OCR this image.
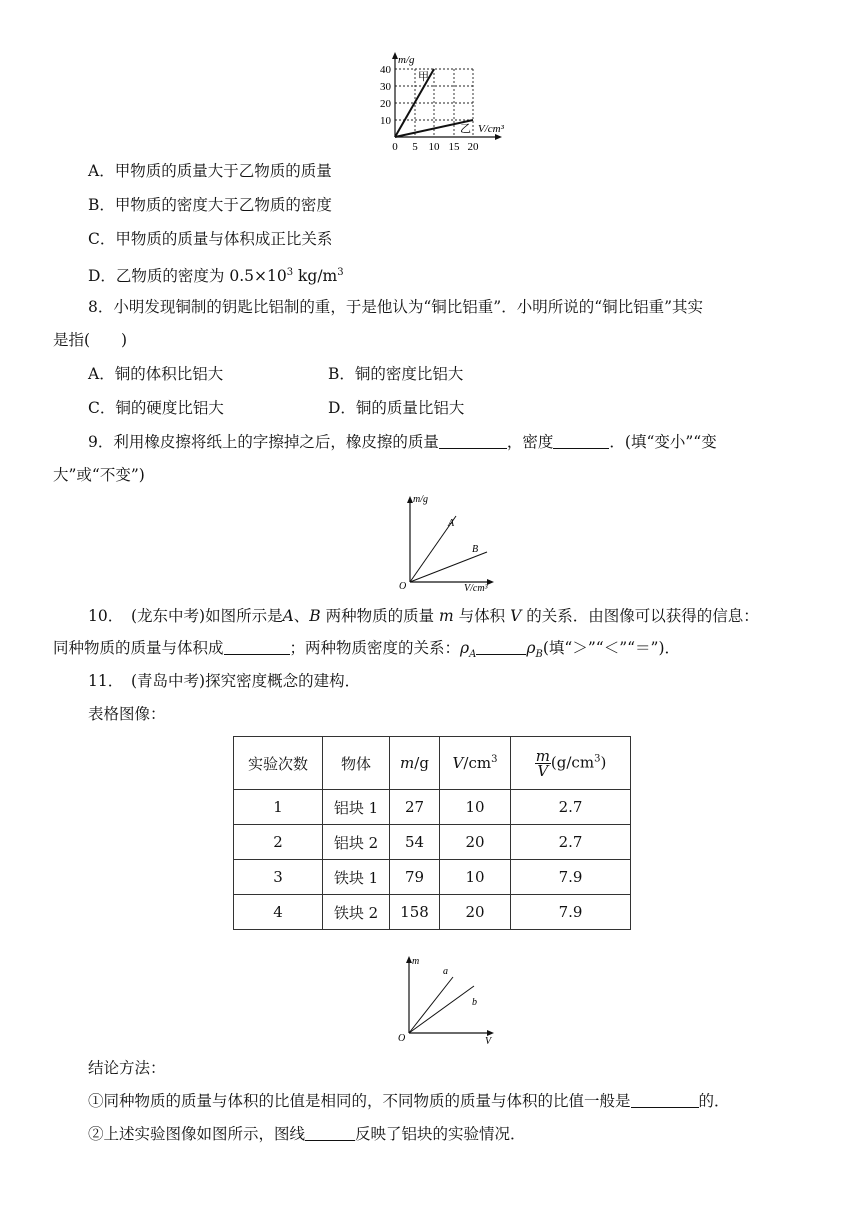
m/g
40
30
20
10
0 5 10 15 20
甲
乙 V/cm³
A．甲物质的质量大于乙物质的质量
B．甲物质的密度大于乙物质的密度
C．甲物质的质量与体积成正比关系
D．乙物质的密度为 $0.5\times 10^3$ $kg/m^3$
8．小明发现铜制的钥匙比铝制的重，于是他认为“铜比铝重”．小明所说的“铜比铝重”其实
是指(　　)
A．铜的体积比铝大	B．铜的密度比铝大
C．铜的硬度比铝大	D．铜的质量比铝大
9．利用橡皮擦将纸上的字擦掉之后，橡皮擦的质量	，密度	．(填“变小”“变
大”或“不变”)
m/g
A
B
O	V/cm³
10．　(龙东中考)如图所示是A、B 两种物质的质量 m 与体积 V 的关系．由图像可以获得的信息：
同种物质的质量与体积成	；两种物质密度的关系：$\rho_A$	$\rho_B$(填“＞”“＜”“＝”)．
11．　(青岛中考)探究密度概念的建构．
表格图像：
实验次数	物体	m/g	$V/cm^3$	$\frac{m}{V} (g/cm^3)$
1	铝块 1	27	10	2.7
2	铝块 2	54	20	2.7
3	铁块 1	79	10	7.9
4	铁块 2	158	20	7.9
m
a
b
O	V
结论方法：
①同种物质的质量与体积的比值是相同的，不同物质的质量与体积的比值一般是	的．
②上述实验图像如图所示，图线	反映了铝块的实验情况．
